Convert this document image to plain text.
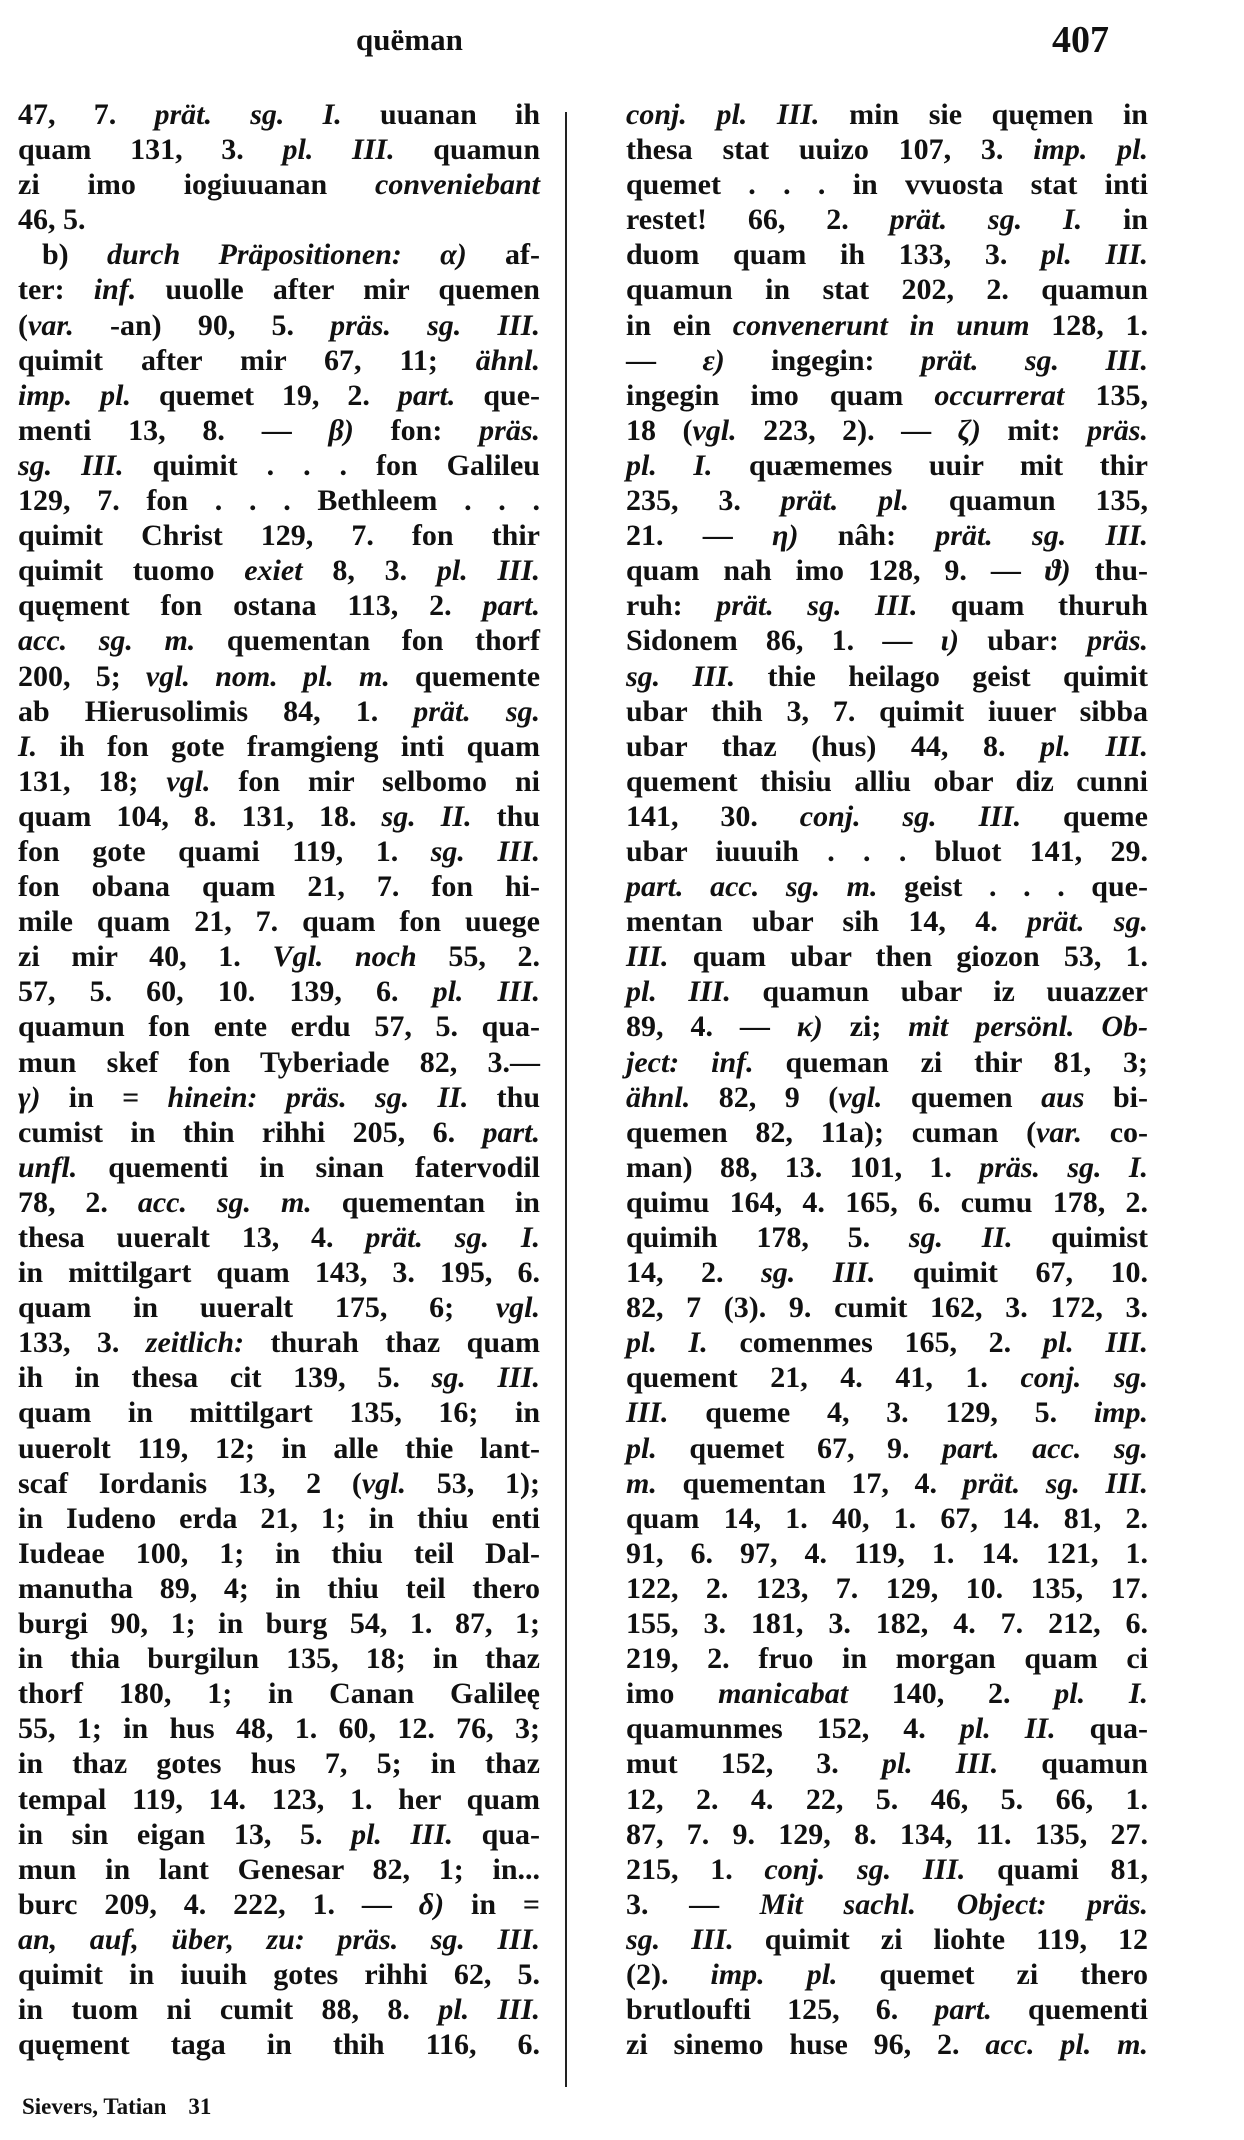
quëman	407
47, 7. prät. sg. I. uuanan ih
quam 131, 3. pl. III. quamun
zi imo iogiuuanan conveniebant
46, 5.
b) durch Präpositionen: α) af-
ter: inf. uuolle after mir quemen
(var. -an) 90, 5. präs. sg. III.
quimit after mir 67, 11; ähnl.
imp. pl. quemet 19, 2. part. que-
menti 13, 8. — β) fon: präs.
sg. III. quimit . . . fon Galileu
129, 7. fon . . . Bethleem . . .
quimit Christ 129, 7. fon thir
quimit tuomo exiet 8, 3. pl. III.
quęment fon ostana 113, 2. part.
acc. sg. m. quementan fon thorf
200, 5; vgl. nom. pl. m. quemente
ab Hierusolimis 84, 1. prät. sg.
I. ih fon gote framgieng inti quam
131, 18; vgl. fon mir selbomo ni
quam 104, 8. 131, 18. sg. II. thu
fon gote quami 119, 1. sg. III.
fon obana quam 21, 7. fon hi-
mile quam 21, 7. quam fon uuege
zi mir 40, 1. Vgl. noch 55, 2.
57, 5. 60, 10. 139, 6. pl. III.
quamun fon ente erdu 57, 5. qua-
mun skef fon Tyberiade 82, 3.—
γ) in = hinein: präs. sg. II. thu
cumist in thin rihhi 205, 6. part.
unfl. quementi in sinan fatervodil
78, 2. acc. sg. m. quementan in
thesa uueralt 13, 4. prät. sg. I.
in mittilgart quam 143, 3. 195, 6.
quam in uueralt 175, 6; vgl.
133, 3. zeitlich: thurah thaz quam
ih in thesa cit 139, 5. sg. III.
quam in mittilgart 135, 16; in
uuerolt 119, 12; in alle thie lant-
scaf Iordanis 13, 2 (vgl. 53, 1);
in Iudeno erda 21, 1; in thiu enti
Iudeae 100, 1; in thiu teil Dal-
manutha 89, 4; in thiu teil thero
burgi 90, 1; in burg 54, 1. 87, 1;
in thia burgilun 135, 18; in thaz
thorf 180, 1; in Canan Galileę
55, 1; in hus 48, 1. 60, 12. 76, 3;
in thaz gotes hus 7, 5; in thaz
tempal 119, 14. 123, 1. her quam
in sin eigan 13, 5. pl. III. qua-
mun in lant Genesar 82, 1; in...
burc 209, 4. 222, 1. — δ) in =
an, auf, über, zu: präs. sg. III.
quimit in iuuih gotes rihhi 62, 5.
in tuom ni cumit 88, 8. pl. III.
quęment taga in thih 116, 6.
conj. pl. III. min sie quęmen in
thesa stat uuizo 107, 3. imp. pl.
quemet . . . in vvuosta stat inti
restet! 66, 2. prät. sg. I. in
duom quam ih 133, 3. pl. III.
quamun in stat 202, 2. quamun
in ein convenerunt in unum 128, 1.
— ε) ingegin: prät. sg. III.
ingegin imo quam occurrerat 135,
18 (vgl. 223, 2). — ζ) mit: präs.
pl. I. quæmemes uuir mit thir
235, 3. prät. pl. quamun 135,
21. — η) nâh: prät. sg. III.
quam nah imo 128, 9. — ϑ) thu-
ruh: prät. sg. III. quam thuruh
Sidonem 86, 1. — ι) ubar: präs.
sg. III. thie heilago geist quimit
ubar thih 3, 7. quimit iuuer sibba
ubar thaz (hus) 44, 8. pl. III.
quement thisiu alliu obar diz cunni
141, 30. conj. sg. III. queme
ubar iuuuih . . . bluot 141, 29.
part. acc. sg. m. geist . . . que-
mentan ubar sih 14, 4. prät. sg.
III. quam ubar then giozon 53, 1.
pl. III. quamun ubar iz uuazzer
89, 4. — κ) zi; mit persönl. Ob-
ject: inf. queman zi thir 81, 3;
ähnl. 82, 9 (vgl. quemen aus bi-
quemen 82, 11a); cuman (var. co-
man) 88, 13. 101, 1. präs. sg. I.
quimu 164, 4. 165, 6. cumu 178, 2.
quimih 178, 5. sg. II. quimist
14, 2. sg. III. quimit 67, 10.
82, 7 (3). 9. cumit 162, 3. 172, 3.
pl. I. comenmes 165, 2. pl. III.
quement 21, 4. 41, 1. conj. sg.
III. queme 4, 3. 129, 5. imp.
pl. quemet 67, 9. part. acc. sg.
m. quementan 17, 4. prät. sg. III.
quam 14, 1. 40, 1. 67, 14. 81, 2.
91, 6. 97, 4. 119, 1. 14. 121, 1.
122, 2. 123, 7. 129, 10. 135, 17.
155, 3. 181, 3. 182, 4. 7. 212, 6.
219, 2. fruo in morgan quam ci
imo manicabat 140, 2. pl. I.
quamunmes 152, 4. pl. II. qua-
mut 152, 3. pl. III. quamun
12, 2. 4. 22, 5. 46, 5. 66, 1.
87, 7. 9. 129, 8. 134, 11. 135, 27.
215, 1. conj. sg. III. quami 81,
3. — Mit sachl. Object: präs.
sg. III. quimit zi liohte 119, 12
(2). imp. pl. quemet zi thero
brutloufti 125, 6. part. quementi
zi sinemo huse 96, 2. acc. pl. m.
Sievers, Tatian 31
